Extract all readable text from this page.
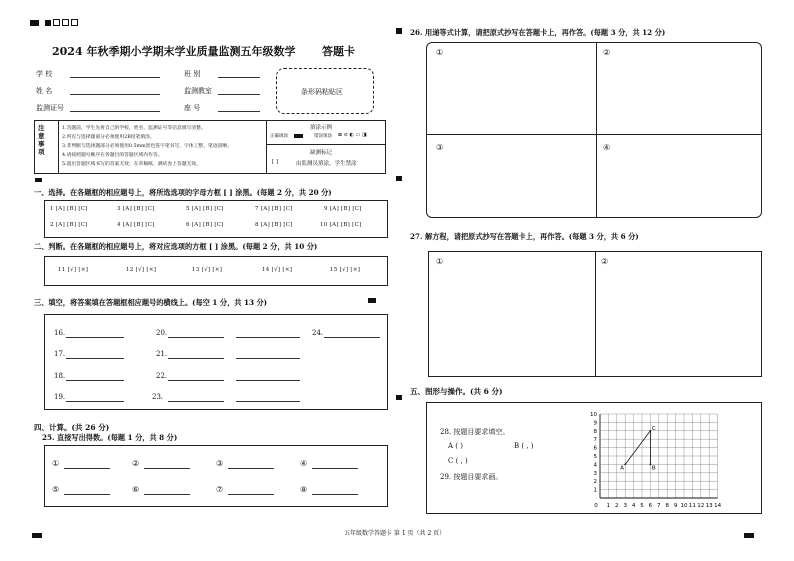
2024 年秋季期小学期末学业质量监测五年级数学 答题卡
学 校	班 别
姓 名	监测教室
监测证号	座 号
条形码粘贴区
注意事项
1.答题前，学生先将自己的学校、姓名、监测证号等信息填写清楚。
2.所有与选择题部分必须使用2B铅笔填涂。
3.非判断与选择题部分必须使用0.5mm黑色签字笔书写，字体工整、笔迹清晰。
4.请按照题号顺序在各题目的答题区域内作答。
5.超出答题区域书写的答案无效；在草稿纸、测试卷上答题无效。
填涂示例
正确填涂	错误填涂 ⊠ ⊘ ◐ ▭ ◨
缺测标记
[ ]	由监测员填涂，学生禁涂
一、选择。在各题框的相应题号上，将所选选项的字母方框 [ ] 涂黑。(每题 2 分，共 20 分)
1 [A] [B] [C]	3 [A] [B] [C]	5 [A] [B] [C]	7 [A] [B] [C]	9 [A] [B] [C]
2 [A] [B] [C]	4 [A] [B] [C]	6 [A] [B] [C]	8 [A] [B] [C]	10 [A] [B] [C]
二、判断。在各题框的相应题号上，将对应选项的方框 [ ] 涂黑。(每题 2 分，共 10 分)
11 [√] [×]	12 [√] [×]	13 [√] [×]	14 [√] [×]	15 [√] [×]
三、填空，将答案填在答题框相应题号的横线上。(每空 1 分，共 13 分)
16.	20.	24.
17.	21.
18.	22.
19.	23.
四、计算。(共 26 分)
25. 直接写出得数。(每题 1 分，共 8 分)
①	②	③	④
⑤	⑥	⑦	⑧
五年级数学答题卡 第 1 页（共 2 页）
26. 用递等式计算，请把原式抄写在答题卡上，再作答。(每题 3 分，共 12 分)
①	②
③	④
27. 解方程，请把原式抄写在答题卡上，再作答。(每题 3 分，共 6 分)
①	②
五、图形与操作。(共 6 分)
28. 按题目要求填空。
A ( )	B ( , )
C ( , )
29. 按题目要求画。
1 2 3 4 5 6 7 8 9 10 11 12 13 14
0
1
2
3
4
5
6
7
8
9
10
A	B
C
